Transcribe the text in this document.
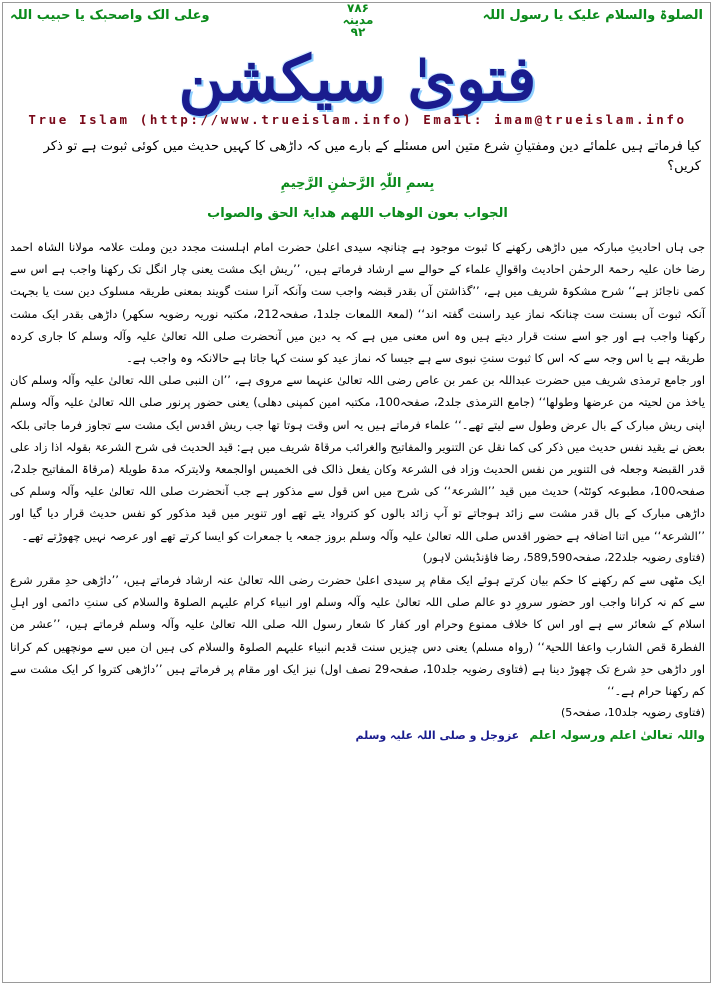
الصلوۃ والسلام علیک یا رسول اللہ
۷۸۶
مدینہ
۹۲
وعلی الک واصحبک یا حبیب اللہ
فتویٰ سیکشن
True Islam (http://www.trueislam.info) Email: imam@trueislam.info
کیا فرماتے ہیں علمائے دین ومفتیانِ شرع متین اس مسئلے کے بارے میں کہ داڑھی کا کہیں حدیث میں کوئی ثبوت ہے تو ذکر کریں؟
بِسمِ اللّٰہِ الرَّحمٰنِ الرَّحِیمِ
الجواب بعون الوھاب اللھم ھدایۃ الحق والصواب

جی ہاں احادیثِ مبارکہ میں داڑھی رکھنے کا ثبوت موجود ہے چنانچہ سیدی اعلیٰ حضرت امام اہلسنت مجدد دین وملت علامہ مولانا الشاہ احمد رضا خان علیہ رحمۃ الرحمٰن احادیث واقوالِ علماء کے حوالے سے ارشاد فرماتے ہیں، ’’ریش ایک مشت یعنی چار انگل تک رکھنا واجب ہے اس سے کمی ناجائز ہے‘‘ شرح مشکوۃ شریف میں ہے، ’’گذاشتن آں بقدر قبضہ واجب ست وآنکہ آنرا سنت گویند بمعنی طریقہ مسلوک دین ست یا بجہت آنکہ ثبوت آں بسنت ست چنانکہ نماز عید راسنت گفتہ اند‘‘ (لمعۃ اللمعات جلد1، صفحہ212، مکتبہ نوریہ رضویہ سکھر) داڑھی بقدر ایک مشت رکھنا واجب ہے اور جو اسے سنت قرار دیتے ہیں وہ اس معنی میں ہے کہ یہ دین میں آنحضرت صلی اللہ تعالیٰ علیہ وآلہ وسلم کا جاری کردہ طریقہ ہے یا اس وجہ سے کہ اس کا ثبوت سنتِ نبوی سے ہے جیسا کہ نماز عید کو سنت کہا جاتا ہے حالانکہ وہ واجب ہے۔

اور جامع ترمذی شریف میں حضرت عبداللہ بن عمر بن عاص رضی اللہ تعالیٰ عنہما سے مروی ہے، ’’ان النبی صلی اللہ تعالیٰ علیہ وآلہ وسلم کان یاخذ من لحیتہ من عرضھا وطولھا‘‘ (جامع الترمذی جلد2، صفحہ100، مکتبہ امین کمپنی دھلی) یعنی حضور پرنور صلی اللہ تعالیٰ علیہ وآلہ وسلم اپنی ریش مبارک کے بال عرض وطول سے لیتے تھے۔‘‘ علماء فرماتے ہیں یہ اس وقت ہوتا تھا جب ریش اقدس ایک مشت سے تجاوز فرما جاتی بلکہ بعض نے یقید نفس حدیث میں ذکر کی کما نقل عن التنویر والمفاتیح والغرائب مرقاۃ شریف میں ہے: قید الحدیث فی شرح الشرعۃ بقولہ اذا زاد علی قدر القبضۃ وجعلہ فی التنویر من نفس الحدیث وزاد فی الشرعۃ وکان یفعل ذالک فی الخمیس اوالجمعۃ ولایترکہ مدۃ طویلۃ (مرقاۃ المفاتیح جلد2، صفحہ100، مطبوعہ کوئٹہ) حدیث میں قید ’’الشرعۃ‘‘ کی شرح میں اس قول سے مذکور ہے جب آنحضرت صلی اللہ تعالیٰ علیہ وآلہ وسلم کی داڑھی مبارک کے بال قدر مشت سے زائد ہوجاتے تو آپ زائد بالوں کو کترواد یتے تھے اور تنویر میں قید مذکور کو نفس حدیث قرار دیا گیا اور ’’الشرعۃ‘‘ میں اتنا اضافہ ہے حضور اقدس صلی اللہ تعالیٰ علیہ وآلہ وسلم بروز جمعہ یا جمعرات کو ایسا کرتے تھے اور عرصہ نہیں چھوڑتے تھے۔

(فتاوی رضویہ جلد22، صفحہ589,590، رضا فاؤنڈیشن لاہور)

ایک مٹھی سے کم رکھنے کا حکم بیان کرتے ہوئے ایک مقام پر سیدی اعلیٰ حضرت رضی اللہ تعالیٰ عنہ ارشاد فرماتے ہیں، ’’داڑھی حدِ مقرر شرع سے کم نہ کرانا واجب اور حضور سرورِ دو عالم صلی اللہ تعالیٰ علیہ وآلہ وسلم اور انبیاء کرام علیہم الصلوۃ والسلام کی سنتِ دائمی اور اہلِ اسلام کے شعائر سے ہے اور اس کا خلاف ممنوع وحرام اور کفار کا شعار رسول اللہ صلی اللہ تعالیٰ علیہ وآلہ وسلم فرماتے ہیں، ’’عشر من الفطرۃ قص الشارب واعفا اللحیۃ‘‘ (رواہ مسلم) یعنی دس چیزیں سنت قدیم انبیاء علیہم الصلوۃ والسلام کی ہیں ان میں سے مونچھیں کم کرانا اور داڑھی حدِ شرع تک چھوڑ دینا ہے (فتاوی رضویہ جلد10، صفحہ29 نصف اول) نیز ایک اور مقام پر فرماتے ہیں ’’داڑھی کتروا کر ایک مشت سے کم رکھنا حرام ہے۔‘‘

(فتاوی رضویہ جلد10، صفحہ5)
واللہ تعالیٰ اعلم ورسولہ اعلم عزوجل و صلی اللہ علیہ وسلم
